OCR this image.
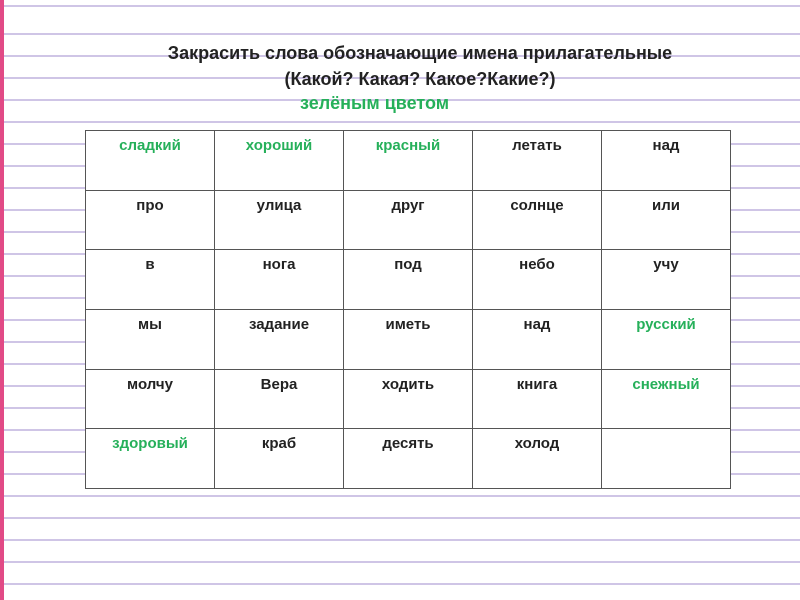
Закрасить слова обозначающие имена прилагательные
(Какой? Какая? Какое?Какие?)
зелёным цветом
сладкий	хороший	красный	летать	над
про	улица	друг	солнце	или
в	нога	под	небо	учу
мы	задание	иметь	над	русский
молчу	Вера	ходить	книга	снежный
здоровый	краб	десять	холод	
